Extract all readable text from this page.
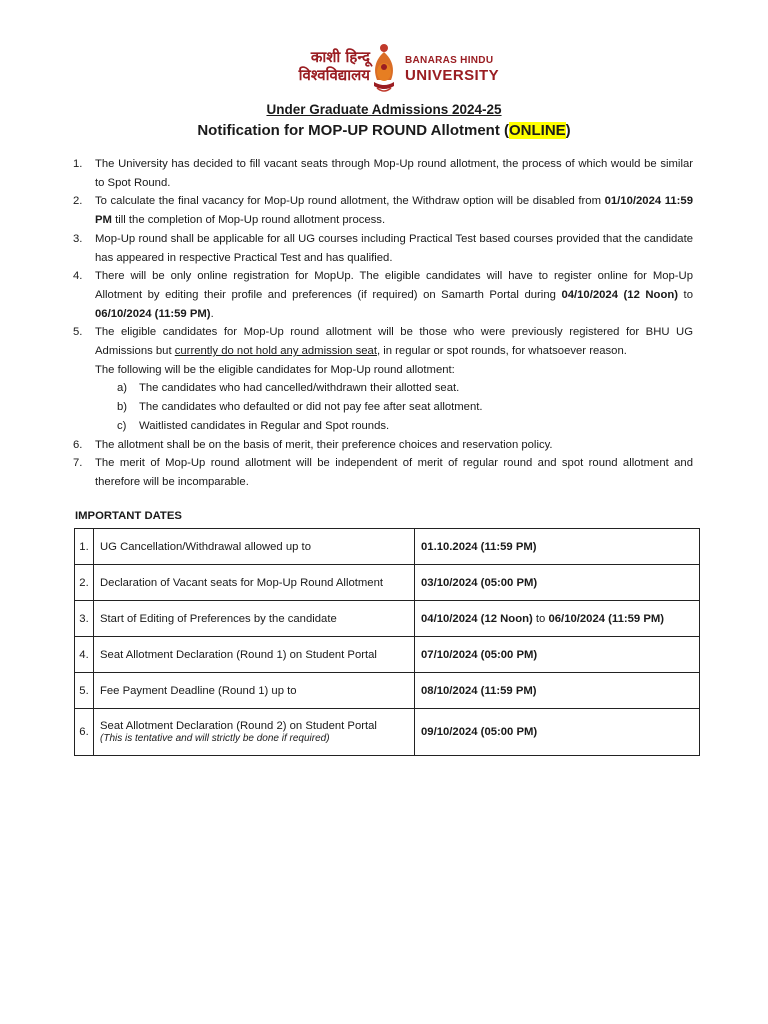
काशी हिन्दू
विश्वविद्यालय
BANARAS HINDU
UNIVERSITY
Under Graduate Admissions 2024-25
Notification for MOP-UP ROUND Allotment (ONLINE)
1. The University has decided to fill vacant seats through Mop-Up round allotment, the process of which would be similar to Spot Round.
2. To calculate the final vacancy for Mop-Up round allotment, the Withdraw option will be disabled from 01/10/2024 11:59 PM till the completion of Mop-Up round allotment process.
3. Mop-Up round shall be applicable for all UG courses including Practical Test based courses provided that the candidate has appeared in respective Practical Test and has qualified.
4. There will be only online registration for MopUp. The eligible candidates will have to register online for Mop-Up Allotment by editing their profile and preferences (if required) on Samarth Portal during 04/10/2024 (12 Noon) to 06/10/2024 (11:59 PM).
5. The eligible candidates for Mop-Up round allotment will be those who were previously registered for BHU UG Admissions but currently do not hold any admission seat, in regular or spot rounds, for whatsoever reason.
The following will be the eligible candidates for Mop-Up round allotment:
a) The candidates who had cancelled/withdrawn their allotted seat.
b) The candidates who defaulted or did not pay fee after seat allotment.
c) Waitlisted candidates in Regular and Spot rounds.
6. The allotment shall be on the basis of merit, their preference choices and reservation policy.
7. The merit of Mop-Up round allotment will be independent of merit of regular round and spot round allotment and therefore will be incomparable.
IMPORTANT DATES
1.	UG Cancellation/Withdrawal allowed up to	01.10.2024 (11:59 PM)
2.	Declaration of Vacant seats for Mop-Up Round Allotment	03/10/2024 (05:00 PM)
3.	Start of Editing of Preferences by the candidate	04/10/2024 (12 Noon) to 06/10/2024 (11:59 PM)
4.	Seat Allotment Declaration (Round 1) on Student Portal	07/10/2024 (05:00 PM)
5.	Fee Payment Deadline (Round 1) up to	08/10/2024 (11:59 PM)
6.	Seat Allotment Declaration (Round 2) on Student Portal
(This is tentative and will strictly be done if required)	09/10/2024 (05:00 PM)
